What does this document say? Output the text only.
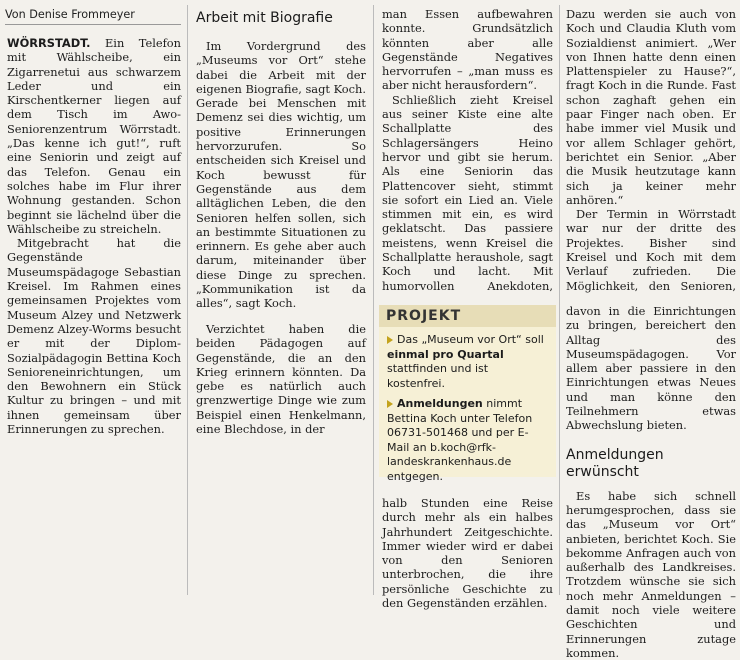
Von Denise Frommeyer

WÖRRSTADT. Ein Telefon mit Wählscheibe, ein Zigarrenetui aus schwarzem Leder und ein Kirschentkerner liegen auf dem Tisch im Awo-Seniorenzentrum Wörrstadt. „Das kenne ich gut!“, ruft eine Seniorin und zeigt auf das Telefon. Genau ein solches habe im Flur ihrer Wohnung gestanden. Schon beginnt sie lächelnd über die Wählscheibe zu streicheln.

Mitgebracht hat die Gegenstände Museumspädagoge Sebastian Kreisel. Im Rahmen eines gemeinsamen Projektes vom Museum Alzey und Netzwerk Demenz Alzey-Worms besucht er mit der Diplom-Sozialpädagogin Bettina Koch Senioreneinrichtungen, um den Bewohnern ein Stück Kultur zu bringen – und mit ihnen gemeinsam über Erinnerungen zu sprechen.

Arbeit mit Biografie

Im Vordergrund des „Museums vor Ort“ stehe dabei die Arbeit mit der eigenen Biografie, sagt Koch. Gerade bei Menschen mit Demenz sei dies wichtig, um positive Erinnerungen hervorzurufen. So entscheiden sich Kreisel und Koch bewusst für Gegenstände aus dem alltäglichen Leben, die den Senioren helfen sollen, sich an bestimmte Situationen zu erinnern. Es gehe aber auch darum, miteinander über diese Dinge zu sprechen. „Kommunikation ist da alles“, sagt Koch.

Verzichtet haben die beiden Pädagogen auf Gegenstände, die an den Krieg erinnern könnten. Da gebe es natürlich auch grenzwertige Dinge wie zum Beispiel einen Henkelmann, eine Blechdose, in der

man Essen aufbewahren konnte. Grundsätzlich könnten aber alle Gegenstände Negatives hervorrufen – „man muss es aber nicht herausfordern“.

Schließlich zieht Kreisel aus seiner Kiste eine alte Schallplatte des Schlagersängers Heino hervor und gibt sie herum. Als eine Seniorin das Plattencover sieht, stimmt sie sofort ein Lied an. Viele stimmen mit ein, es wird geklatscht. Das passiere meistens, wenn Kreisel die Schallplatte heraushole, sagt Koch und lacht. Mit humorvollen Anekdoten,

PROJEKT
Das „Museum vor Ort“ soll einmal pro Quartal stattfinden und ist kostenfrei.
Anmeldungen nimmt Bettina Koch unter Telefon 06731-501468 und per E-Mail an b.koch@rfk-landeskrankenhaus.de entgegen.

halb Stunden eine Reise durch mehr als ein halbes Jahrhundert Zeitgeschichte. Immer wieder wird er dabei von den Senioren unterbrochen, die ihre persönliche Geschichte zu den Gegenständen erzählen.

Dazu werden sie auch von Koch und Claudia Kluth vom Sozialdienst animiert. „Wer von Ihnen hatte denn einen Plattenspieler zu Hause?“, fragt Koch in die Runde. Fast schon zaghaft gehen ein paar Finger nach oben. Er habe immer viel Musik und vor allem Schlager gehört, berichtet ein Senior. „Aber die Musik heutzutage kann sich ja keiner mehr anhören.“

Der Termin in Wörrstadt war nur der dritte des Projektes. Bisher sind Kreisel und Koch mit dem Verlauf zufrieden. Die Möglichkeit, den Senioren,

davon in die Einrichtungen zu bringen, bereichert den Alltag des Museumspädagogen. Vor allem aber passiere in den Einrichtungen etwas Neues und man könne den Teilnehmern etwas Abwechslung bieten.

Anmeldungen erwünscht

Es habe sich schnell herumgesprochen, dass sie das „Museum vor Ort“ anbieten, berichtet Koch. Sie bekomme Anfragen auch von außerhalb des Landkreises. Trotzdem wünsche sie sich noch mehr Anmeldungen – damit noch viele weitere Geschichten und Erinnerungen zutage kommen.
